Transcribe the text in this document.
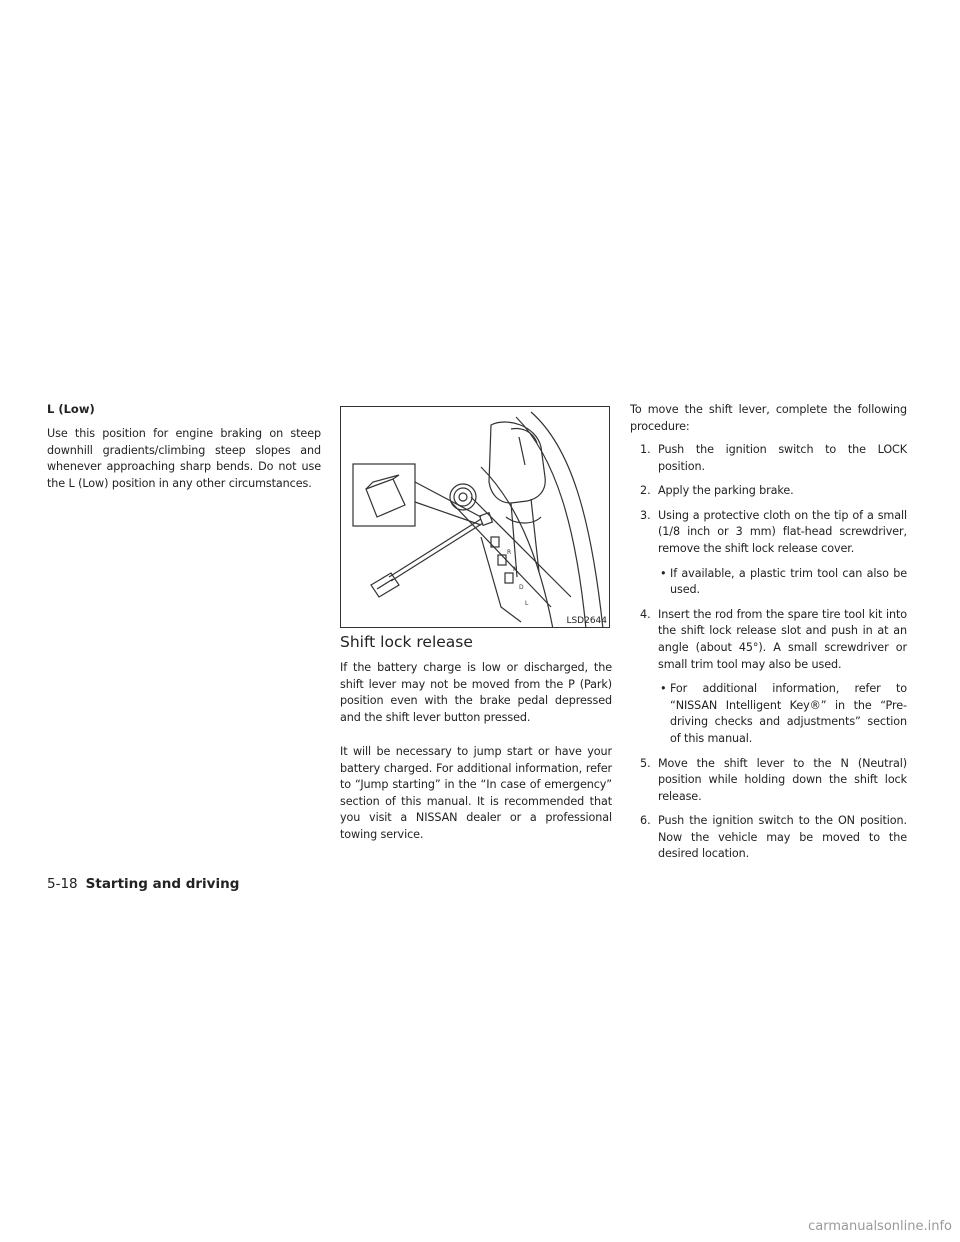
L (Low)

Use this position for engine braking on steep downhill gradients/climbing steep slopes and whenever approaching sharp bends. Do not use the L (Low) position in any other circumstances.

R
N
D
L
LSD2644
Shift lock release

If the battery charge is low or discharged, the shift lever may not be moved from the P (Park) position even with the brake pedal depressed and the shift lever button pressed.

It will be necessary to jump start or have your battery charged. For additional information, refer to “Jump starting” in the “In case of emergency” section of this manual. It is recommended that you visit a NISSAN dealer or a professional towing service.

To move the shift lever, complete the following procedure:

1. Push the ignition switch to the LOCK position.

2. Apply the parking brake.

3. Using a protective cloth on the tip of a small (1/8 inch or 3 mm) flat-head screwdriver, remove the shift lock release cover.

• If available, a plastic trim tool can also be used.

4. Insert the rod from the spare tire tool kit into the shift lock release slot and push in at an angle (about 45°). A small screwdriver or small trim tool may also be used.

• For additional information, refer to “NISSAN Intelligent Key®” in the “Pre-driving checks and adjustments” section of this manual.

5. Move the shift lever to the N (Neutral) position while holding down the shift lock release.

6. Push the ignition switch to the ON position. Now the vehicle may be moved to the desired location.

5-18 Starting and driving
carmanualsonline.info
